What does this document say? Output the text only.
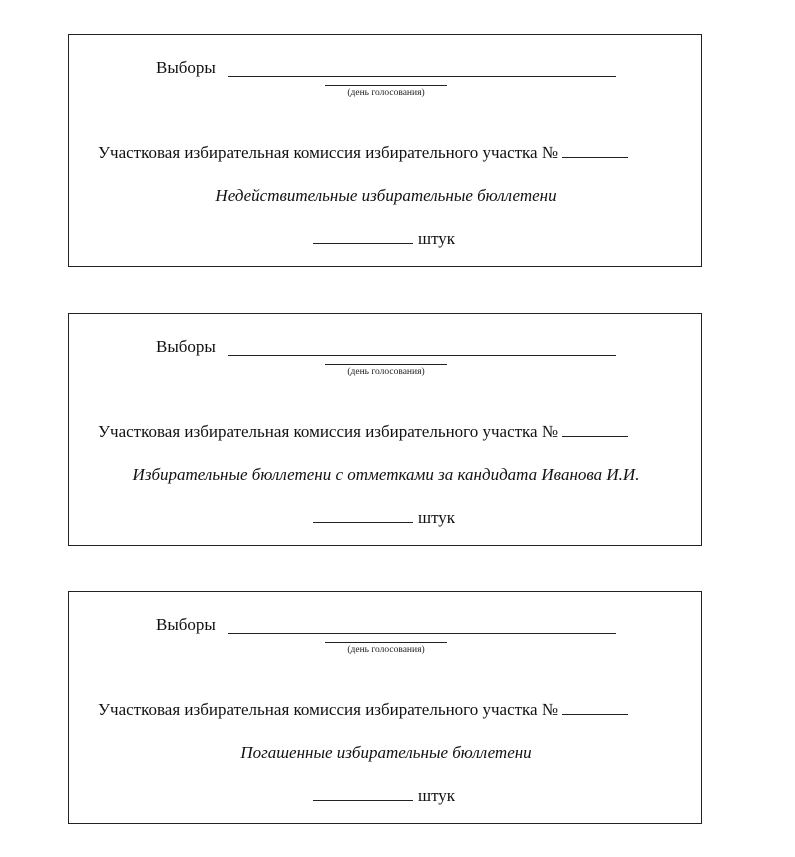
Выборы
(день голосования)
Участковая избирательная комиссия избирательного участка №
Недействительные избирательные бюллетени
штук
Выборы
(день голосования)
Участковая избирательная комиссия избирательного участка №
Избирательные бюллетени с отметками за кандидата Иванова И.И.
штук
Выборы
(день голосования)
Участковая избирательная комиссия избирательного участка №
Погашенные избирательные бюллетени
штук
